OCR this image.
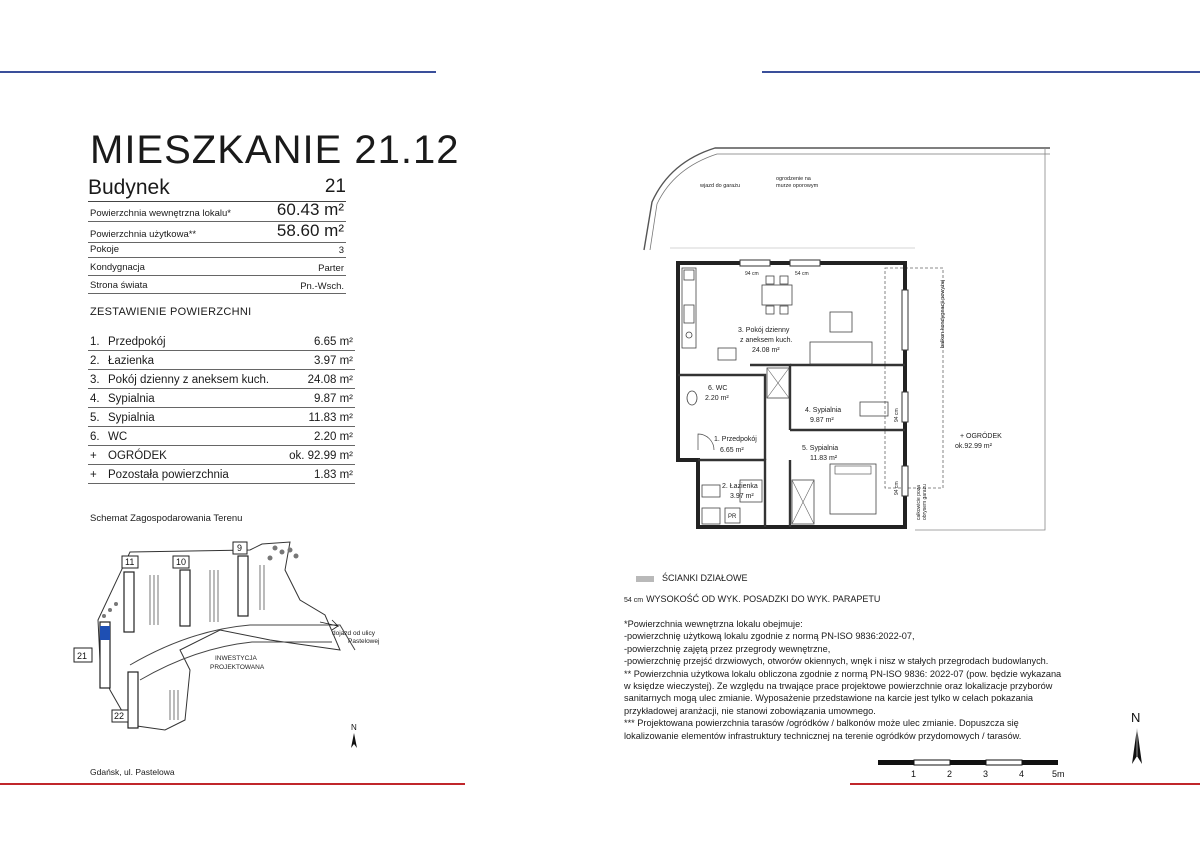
MIESZKANIE 21.12
Budynek	21
Powierzchnia wewnętrzna lokalu*	60.43 m²
Powierzchnia użytkowa**	58.60 m²
Pokoje	3
Kondygnacja	Parter
Strona świata	Pn.-Wsch.
ZESTAWIENIE POWIERZCHNI
1. Przedpokój	6.65 m²
2. Łazienka	3.97 m²
3. Pokój dzienny z aneksem kuch.	24.08 m²
4. Sypialnia	9.87 m²
5. Sypialnia	11.83 m²
6. WC	2.20 m²
+ OGRÓDEK	ok. 92.99 m²
+ Pozostała powierzchnia	1.83 m²
Schemat Zagospodarowania Terenu
11	10
9
21
22
INWESTYCJA
PROJEKTOWANA
dojazd od ulicy
Pastelowej
N
Gdańsk, ul. Pastelowa
ogrodzenie na
murze oporowym
wjazd do garażu
balkon kondygnacji powyżej
całkowicie poza obrysem garażu
94 cm	54 cm
94 cm
94 cm
+ OGRÓDEK
ok.92.99 m²
3. Pokój dzienny
z aneksem kuch.
24.08 m²
6. WC
2.20 m²
4. Sypialnia
9.87 m²
1. Przedpokój
6.65 m²	5. Sypialnia
11.83 m²
2. Łazienka
3.97 m²
PR
ŚCIANKI DZIAŁOWE
54 cm WYSOKOŚĆ OD WYK. POSADZKI DO WYK. PARAPETU

*Powierzchnia wewnętrzna lokalu obejmuje:

-powierzchnię użytkową lokalu zgodnie z normą PN-ISO 9836:2022-07,

-powierzchnię zajętą przez przegrody wewnętrzne,

-powierzchnię przejść drzwiowych, otworów okiennych, wnęk i nisz w stałych przegrodach budowlanych.

** Powierzchnia użytkowa lokalu obliczona zgodnie z normą PN-ISO 9836: 2022-07 (pow. będzie wykazana

w księdze wieczystej). Ze względu na trwające prace projektowe powierzchnie oraz lokalizacje przyborów

sanitarnych mogą ulec zmianie. Wyposażenie przedstawione na karcie jest tylko w celach pokazania

przykładowej aranżacji, nie stanowi zobowiązania umownego.

*** Projektowana powierzchnia tarasów /ogródków / balkonów może ulec zmianie. Dopuszcza się

lokalizowanie elementów infrastruktury technicznej na terenie ogródków przydomowych / tarasów.

N
1	2	3	4	5m
